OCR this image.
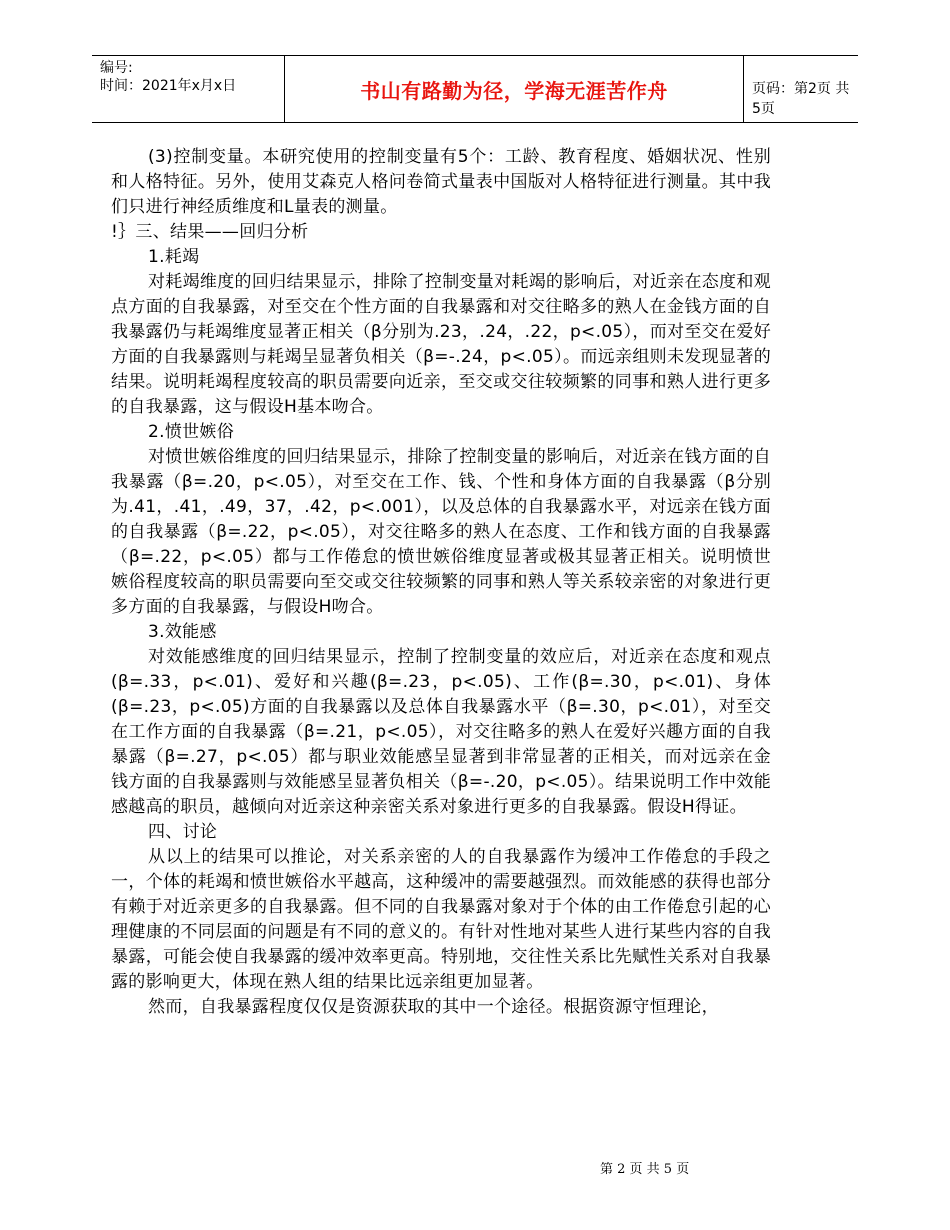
编号:
时间：2021年x月x日	书山有路勤为径，学海无涯苦作舟	页码：第2页 共5页

(3)控制变量。本研究使用的控制变量有5个：工龄、教育程度、婚姻状况、性别和人格特征。另外，使用艾森克人格问卷简式量表中国版对人格特征进行测量。其中我们只进行神经质维度和L量表的测量。

!｝三、结果——回归分析

1.耗竭

对耗竭维度的回归结果显示，排除了控制变量对耗竭的影响后，对近亲在态度和观点方面的自我暴露，对至交在个性方面的自我暴露和对交往略多的熟人在金钱方面的自我暴露仍与耗竭维度显著正相关（β分别为.23，.24，.22，p<.05），而对至交在爱好方面的自我暴露则与耗竭呈显著负相关（β=-.24，p<.05）。而远亲组则未发现显著的结果。说明耗竭程度较高的职员需要向近亲，至交或交往较频繁的同事和熟人进行更多的自我暴露，这与假设H基本吻合。

2.愤世嫉俗

对愤世嫉俗维度的回归结果显示，排除了控制变量的影响后，对近亲在钱方面的自我暴露（β=.20，p<.05），对至交在工作、钱、个性和身体方面的自我暴露（β分别为.41，.41，.49，37，.42，p<.001），以及总体的自我暴露水平，对远亲在钱方面的自我暴露（β=.22，p<.05），对交往略多的熟人在态度、工作和钱方面的自我暴露（β=.22，p<.05）都与工作倦怠的愤世嫉俗维度显著或极其显著正相关。说明愤世嫉俗程度较高的职员需要向至交或交往较频繁的同事和熟人等关系较亲密的对象进行更多方面的自我暴露，与假设H吻合。

3.效能感

对效能感维度的回归结果显示，控制了控制变量的效应后，对近亲在态度和观点(β=.33，p<.01)、爱好和兴趣(β=.23，p<.05)、工作(β=.30，p<.01)、身体(β=.23，p<.05)方面的自我暴露以及总体自我暴露水平（β=.30，p<.01），对至交在工作方面的自我暴露（β=.21，p<.05），对交往略多的熟人在爱好兴趣方面的自我暴露（β=.27，p<.05）都与职业效能感呈显著到非常显著的正相关，而对远亲在金钱方面的自我暴露则与效能感呈显著负相关（β=-.20，p<.05）。结果说明工作中效能感越高的职员，越倾向对近亲这种亲密关系对象进行更多的自我暴露。假设H得证。

四、讨论

从以上的结果可以推论，对关系亲密的人的自我暴露作为缓冲工作倦怠的手段之一，个体的耗竭和愤世嫉俗水平越高，这种缓冲的需要越强烈。而效能感的获得也部分有赖于对近亲更多的自我暴露。但不同的自我暴露对象对于个体的由工作倦怠引起的心理健康的不同层面的问题是有不同的意义的。有针对性地对某些人进行某些内容的自我暴露，可能会使自我暴露的缓冲效率更高。特别地，交往性关系比先赋性关系对自我暴露的影响更大，体现在熟人组的结果比远亲组更加显著。

然而，自我暴露程度仅仅是资源获取的其中一个途径。根据资源守恒理论，

第 2 页 共 5 页
